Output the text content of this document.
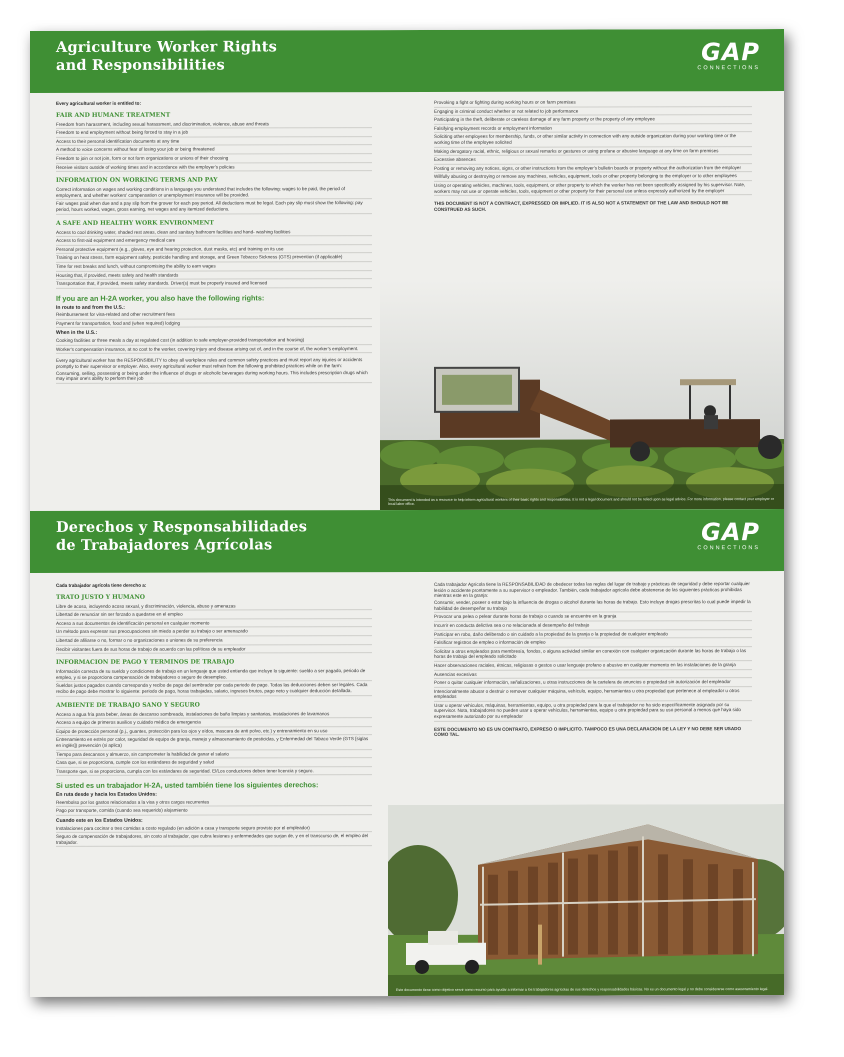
Agriculture Worker Rights
and Responsibilities	GAP
CONNECTIONS

Every agricultural worker is entitled to:

FAIR AND HUMANE TREATMENT

Freedom from harassment, including sexual harassment, and discrimination, violence, abuse and threats

Freedom to end employment without being forced to stay in a job

Access to their personal identification documents at any time

A method to voice concerns without fear of losing your job or being threatened

Freedom to join or not join, form or not form organizations or unions of their choosing

Receive visitors outside of working times and in accordance with the employer's policies

INFORMATION ON WORKING TERMS AND PAY

Correct information on wages and working conditions in a language you understand that includes the following: wages to be paid, the period of employment, and whether workers' compensation or unemployment insurance will be provided.

Fair wages paid when due and a pay slip from the grower for each pay period. All deductions must be legal. Each pay slip must show the following: pay period, hours worked, wages, gross earning, net wages and any itemized deductions.

A SAFE AND HEALTHY WORK ENVIRONMENT

Access to cool drinking water, shaded rest areas, clean and sanitary bathroom facilities and hand- washing facilities

Access to first-aid equipment and emergency medical care

Personal protective equipment (e.g., gloves, eye and hearing protection, dust masks, etc) and training on its use

Training on heat stress, farm equipment safety, pesticide handling and storage, and Green Tobacco Sickness (GTS) prevention (if applicable)

Time for rest breaks and lunch, without compromising the ability to earn wages

Housing that, if provided, meets safety and health standards

Transportation that, if provided, meets safety standards. Driver(s) must be properly insured and licensed

If you are an H-2A worker, you also have the following rights:
In route to and from the U.S.:

Reimbursement for visa-related and other recruitment fees

Payment for transportation, food and (when required) lodging

When in the U.S.:

Cooking facilities or three meals a day at regulated cost (in addition to safe employer-provided transportation and housing)

Worker's compensation insurance, at no cost to the worker, covering injury and disease arising out of, and in the course of, the worker's employment.

Every agricultural worker has the RESPONSIBILITY to obey all workplace rules and common safety practices and must report any injuries or accidents promptly to their supervisor or employer. Also, every agricultural worker must refrain from the following prohibited practices while on the farm:

Consuming, selling, possessing or being under the influence of drugs or alcoholic beverages during working hours. This includes prescription drugs which may impair one's ability to perform their job

Provoking a fight or fighting during working hours or on farm premises

Engaging in criminal conduct whether or not related to job performance

Participating in the theft, deliberate or careless damage of any farm property or the property of any employee

Falsifying employment records or employment information

Soliciting other employees for membership, funds, or other similar activity in connection with any outside organization during your working time or the working time of the employee solicited

Making derogatory racial, ethnic, religious or sexual remarks or gestures or using profane or abusive language at any time on farm premises

Excessive absences

Posting or removing any notices, signs, or other instructions from the employer's bulletin boards or property without the authorization from the employer

Willfully abusing or destroying or remove any machines, vehicles, equipment, tools or other property belonging to the employer or to other employees

Using or operating vehicles, machines, tools, equipment, or other property to which the worker has not been specifically assigned by his supervisor. Note, workers may not use or operate vehicles, tools, equipment or other property for their personal use unless expressly authorized by the employer

THIS DOCUMENT IS NOT A CONTRACT, EXPRESSED OR IMPLIED. IT IS ALSO NOT A STATEMENT OF THE LAW AND SHOULD NOT BE CONSTRUED AS SUCH.

This document is intended as a resource to help inform agricultural workers of their basic rights and responsibilities. It is not a legal document and should not be relied upon as legal advice. For more information, please contact your employer or local labor office.
Derechos y Responsabilidades
de Trabajadores Agrícolas	GAP
CONNECTIONS

Cada trabajador agrícola tiene derecho a:

TRATO JUSTO Y HUMANO

Libre de acoso, incluyendo acoso sexual, y discriminación, violencia, abuso y amenazas

Libertad de renunciar sin ser forzado a quedarse en el empleo

Acceso a sus documentos de identificación personal en cualquier momento

Un método para expresar sus preocupaciones sin miedo a perder su trabajo o ser amenazado

Libertad de afiliarse o no, formar o no organizaciones o uniones de su preferencia

Recibir visitantes fuera de sus horas de trabajo de acuerdo con las políticas de su empleador

INFORMACION DE PAGO Y TERMINOS DE TRABAJO

Información correcta de su sueldo y condiciones de trabajo en un lenguaje que usted entienda que incluye lo siguiente: sueldo a ser pagado, periodo de empleo, y si se proporciona compensación de trabajadores o seguro de desempleo.

Sueldos justos pagados cuando corresponda y recibo de pago del sembrador por cada periodo de pago. Todas las deducciones deben ser legales. Cada recibo de pago debe mostrar lo siguiente: periodo de pago, horas trabajadas, salario, ingresos brutos, pago neto y cualquier deducción detallada.

AMBIENTE DE TRABAJO SANO Y SEGURO

Acceso a agua fría para beber, áreas de descanso sombreado, instalaciones de baño limpias y sanitarias, instalaciones de lavamanos

Acceso a equipo de primeros auxilios y cuidado médico de emergencia

Equipo de protección personal (p.j., guantes, protección para los ojos y oídos, mascara de anti polvo, etc.) y entrenamiento en su uso

Entrenamiento en estrés por calor, seguridad de equipo de granja, manejo y almacenamiento de pesticidas, y Enfermedad del Tabaco Verde (GTS [siglas en inglés]) prevención (si aplica)

Tiempo para descansos y almuerzo, sin comprometer la habilidad de ganar el salario

Casa que, si se proporciona, cumple con los estándares de seguridad y salud

Transporte que, si se proporciona, cumpla con los estándares de seguridad. El/Los conductores deben tener licencia y seguro.

Si usted es un trabajador H-2A, usted también tiene los siguientes derechos:
En ruta desde y hacia los Estados Unidos:

Reembolso por los gastos relacionados a la visa y otros cargos recurrentes

Pago por transporte, comida (cuando sea requerido) alojamiento

Cuando este en los Estados Unidos:

Instalaciones para cocinar o tres comidas a costo regulado (en adición a casa y transporte seguro provisto por el empleador)

Seguro de compensación de trabajadores, sin costo al trabajador, que cubra lesiones y enfermedades que surjan de, y en el transcurso de, el empleo del trabajador.

Cada trabajador Agrícola tiene la RESPONSABILIDAD de obedecer todas las reglas del lugar de trabajo y prácticas de seguridad y debe reportar cualquier lesión o accidente prontamente a su supervisor o empleador. También, cada trabajador agrícola debe abstenerse de las siguientes prácticas prohibidas mientras este en la granja:

Consumir, vender, poseer o estar bajo la influencia de drogas o alcohol durante las horas de trabajo. Esto incluye drogas prescritas lo cual puede impedir la habilidad de desempeñar su trabajo

Provocar una pelea o pelear durante horas de trabajo o cuando se encuentre en la granja

Incurrir en conducta delictiva sea o no relacionada al desempeño del trabajo

Participar en robo, daño deliberado o sin cuidado a la propiedad de la granja o la propiedad de cualquier empleado

Falsificar registros de empleo o información de empleo

Solicitar a otros empleados para membresía, fondos, o alguna actividad similar en conexión con cualquier organización durante las horas de trabajo o las horas de trabajo del empleado solicitado

Hacer observaciones raciales, étnicas, religiosas o gestos o usar lenguaje profano o abusivo en cualquier momento en las instalaciones de la granja

Ausencias excesivas

Poner o quitar cualquier información, señalizaciones, u otras instrucciones de la cartelera de anuncios o propiedad sin autorización del empleador

Intencionalmente abusar o destruir o remover cualquier máquina, vehículo, equipo, herramientas u otra propiedad que pertenece al empleador u otros empleados

Usar u operar vehículos, máquinas, herramientas, equipo, u otra propiedad para la que el trabajador no ha sido específicamente asignado por su supervisor. Nota, trabajadores no pueden usar u operar vehículos, herramientas, equipo u otra propiedad para su uso personal a menos que haya sido expresamente autorizado por su empleador

ESTE DOCUMENTO NO ES UN CONTRATO, EXPRESO O IMPLICITO. TAMPOCO ES UNA DECLARACION DE LA LEY Y NO DEBE SER USADO COMO TAL.

Este documento tiene como objetivo servir como recurso para ayudar a informar a los trabajadores agrícolas de sus derechos y responsabilidades básicas. No es un documento legal y no debe considerarse como asesoramiento legal.
